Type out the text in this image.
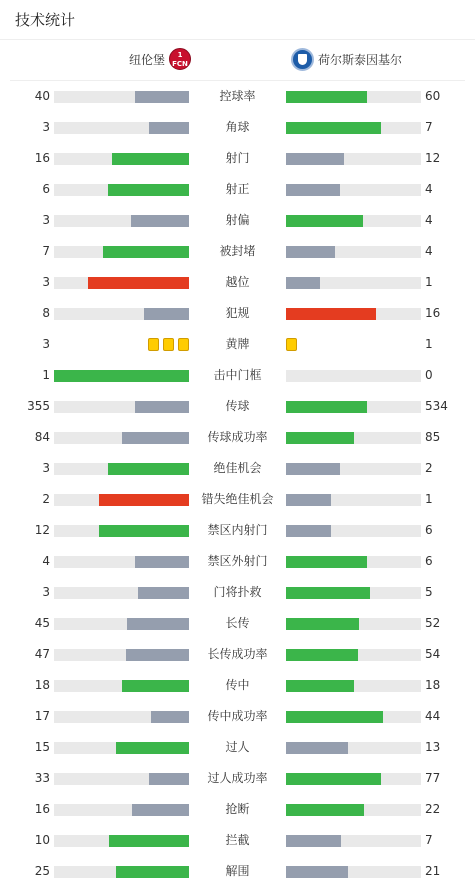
技术统计
纽伦堡	1 FCN	荷尔斯泰因基尔
40	控球率	60
3	角球	7
16	射门	12
6	射正	4
3	射偏	4
7	被封堵	4
3	越位	1
8	犯规	16
3	黄牌	1
1	击中门框	0
355	传球	534
84	传球成功率	85
3	绝佳机会	2
2	错失绝佳机会	1
12	禁区内射门	6
4	禁区外射门	6
3	门将扑救	5
45	长传	52
47	长传成功率	54
18	传中	18
17	传中成功率	44
15	过人	13
33	过人成功率	77
16	抢断	22
10	拦截	7
25	解围	21
